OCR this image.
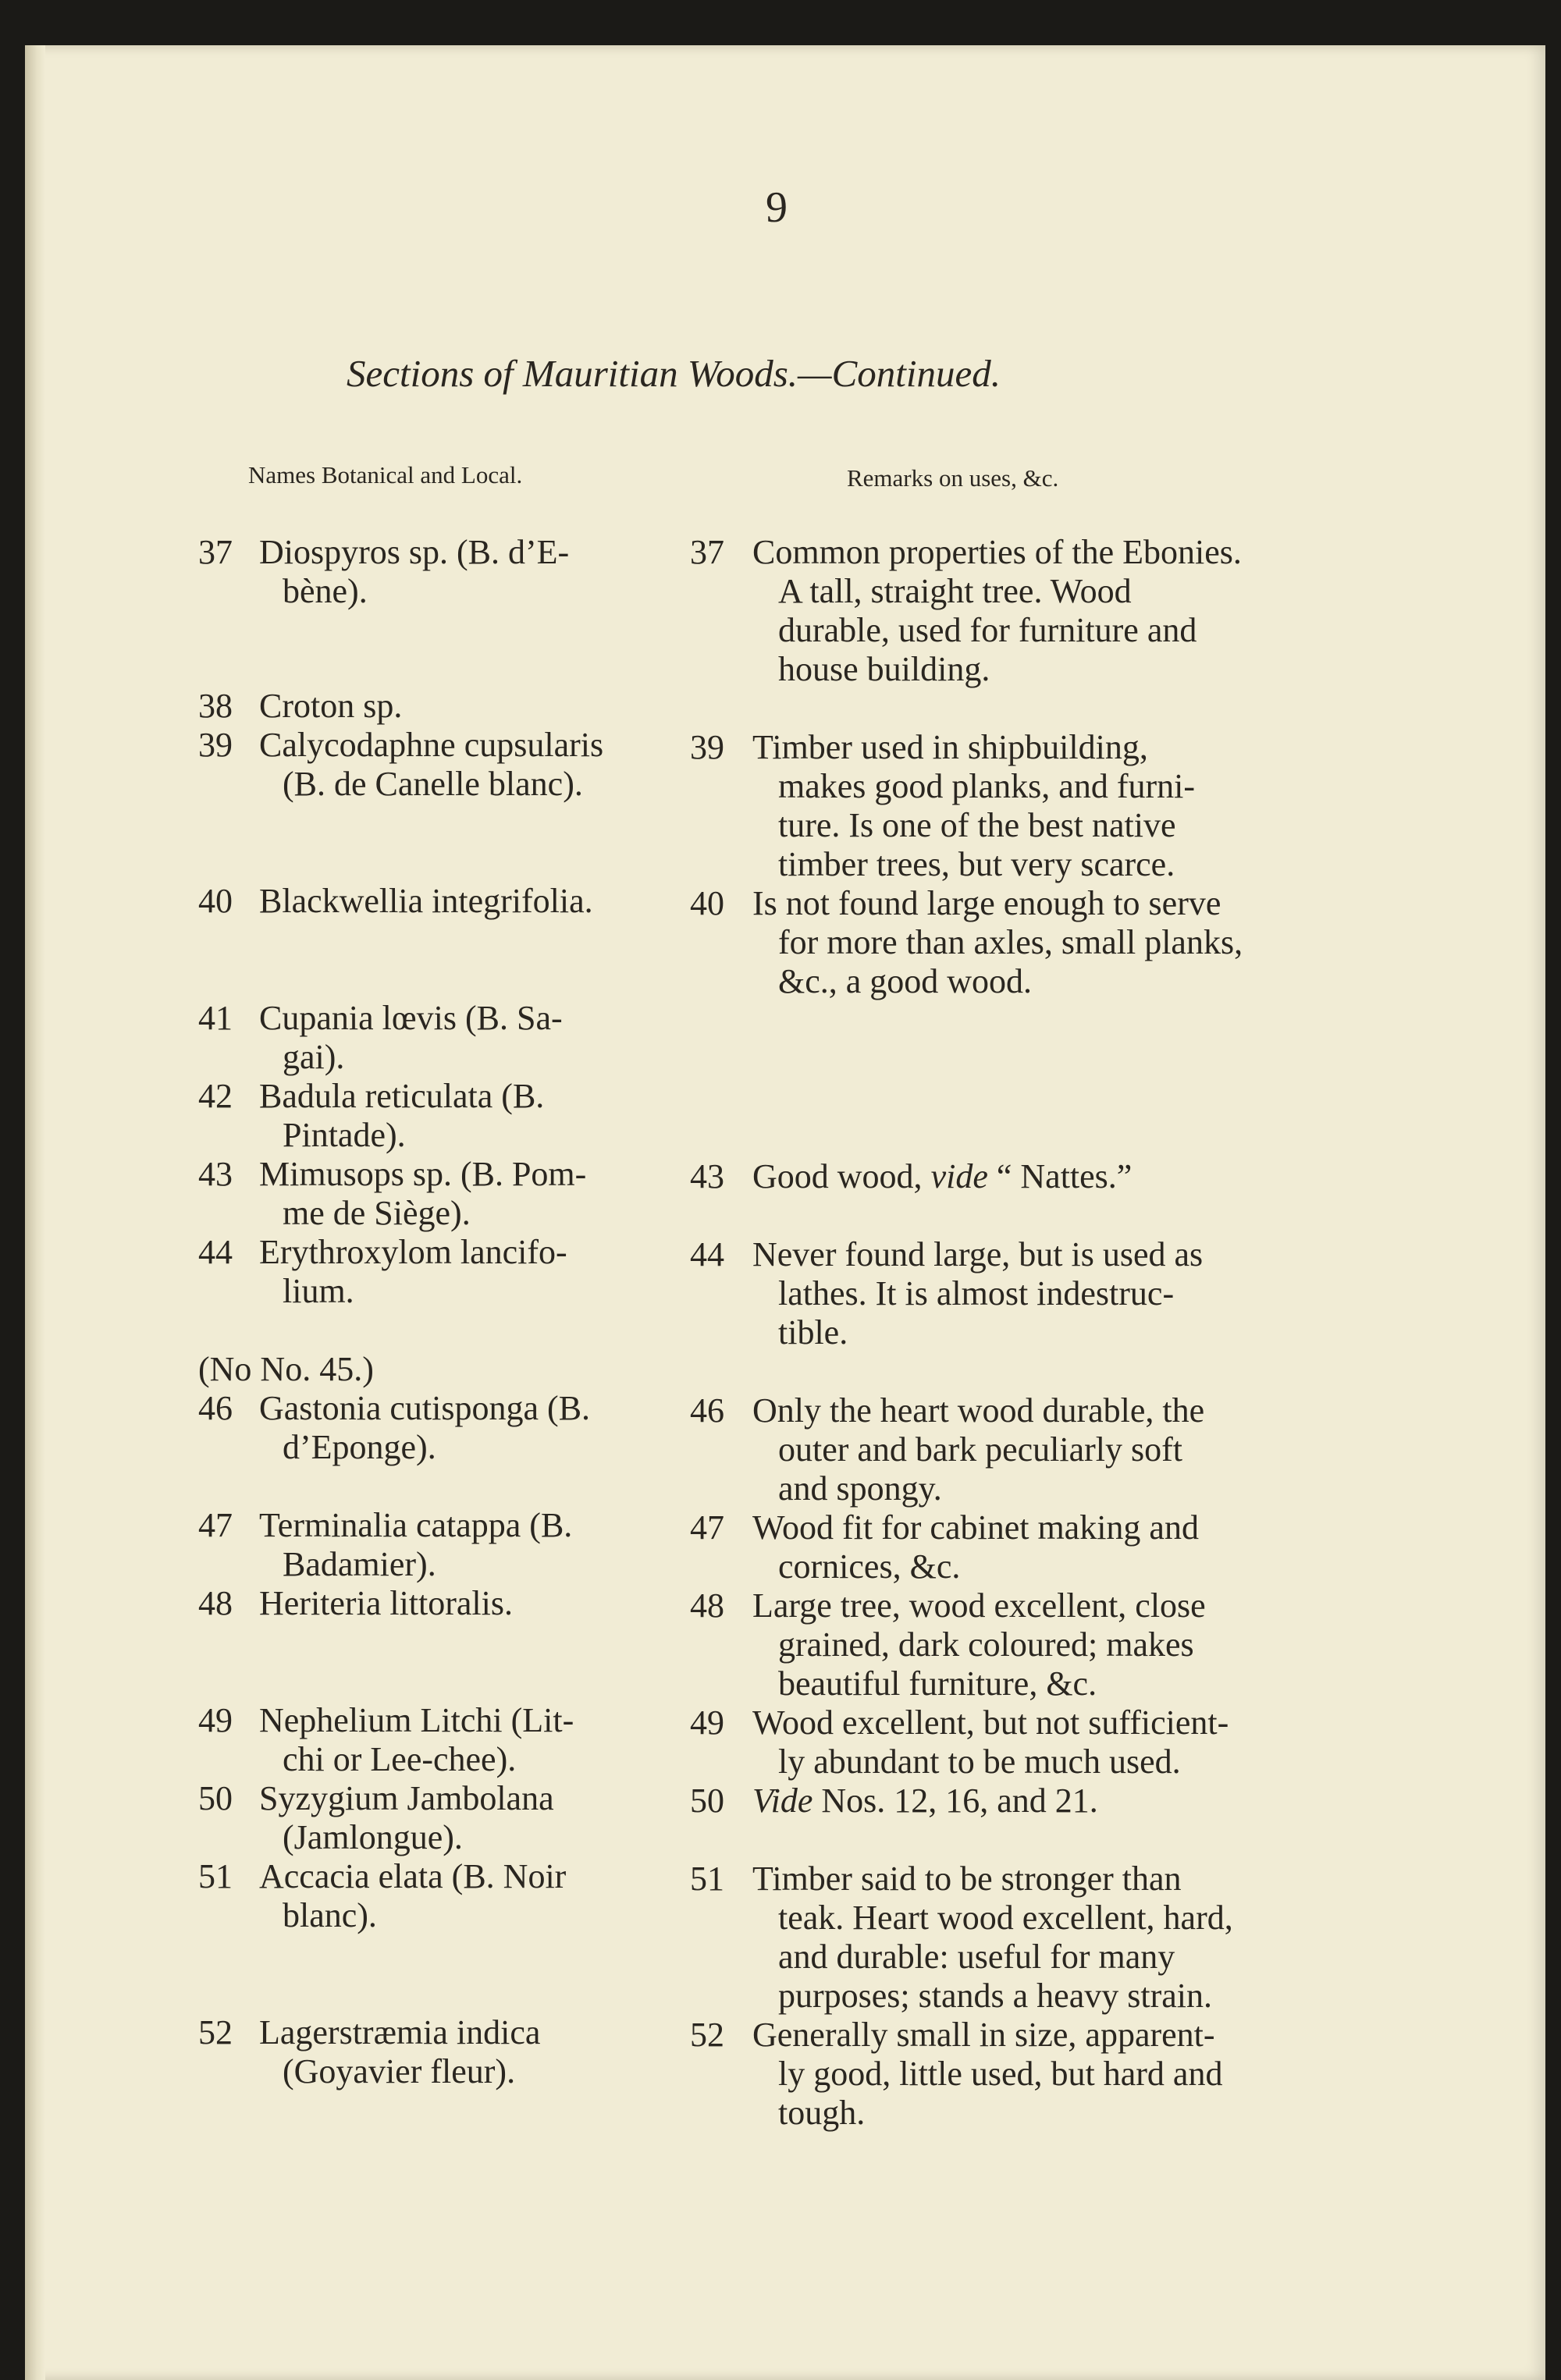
9
Sections of Mauritian Woods.—Continued.
Names Botanical and Local.	Remarks on uses, &c.
37 Diospyros sp. (B. d’E-
bène).
37 Common properties of the Ebonies.
A tall, straight tree. Wood
durable, used for furniture and
house building.
38 Croton sp.
39 Calycodaphne cupsularis
(B. de Canelle blanc).
39 Timber used in shipbuilding,
makes good planks, and furni-
ture. Is one of the best native
timber trees, but very scarce.
40 Blackwellia integrifolia.	40 Is not found large enough to serve
for more than axles, small planks,
&c., a good wood.
41 Cupania lœvis (B. Sa-
gai).
42 Badula reticulata (B.
Pintade).
43 Mimusops sp. (B. Pom-
me de Siège).
43 Good wood, vide “ Nattes.”
44 Erythroxylom lancifo-
lium.
44 Never found large, but is used as
lathes. It is almost indestruc-
tible.
(No No. 45.)
46 Gastonia cutisponga (B.
d’Eponge).
46 Only the heart wood durable, the
outer and bark peculiarly soft
and spongy.
47 Terminalia catappa (B.
Badamier).
47 Wood fit for cabinet making and
cornices, &c.
48 Heriteria littoralis.	48 Large tree, wood excellent, close
grained, dark coloured; makes
beautiful furniture, &c.
49 Nephelium Litchi (Lit-
chi or Lee-chee).
49 Wood excellent, but not sufficient-
ly abundant to be much used.
50 Syzygium Jambolana
(Jamlongue).
50 Vide Nos. 12, 16, and 21.
51 Accacia elata (B. Noir
blanc).
51 Timber said to be stronger than
teak. Heart wood excellent, hard,
and durable: useful for many
purposes; stands a heavy strain.
52 Lagerstræmia indica
(Goyavier fleur).
52 Generally small in size, apparent-
ly good, little used, but hard and
tough.
